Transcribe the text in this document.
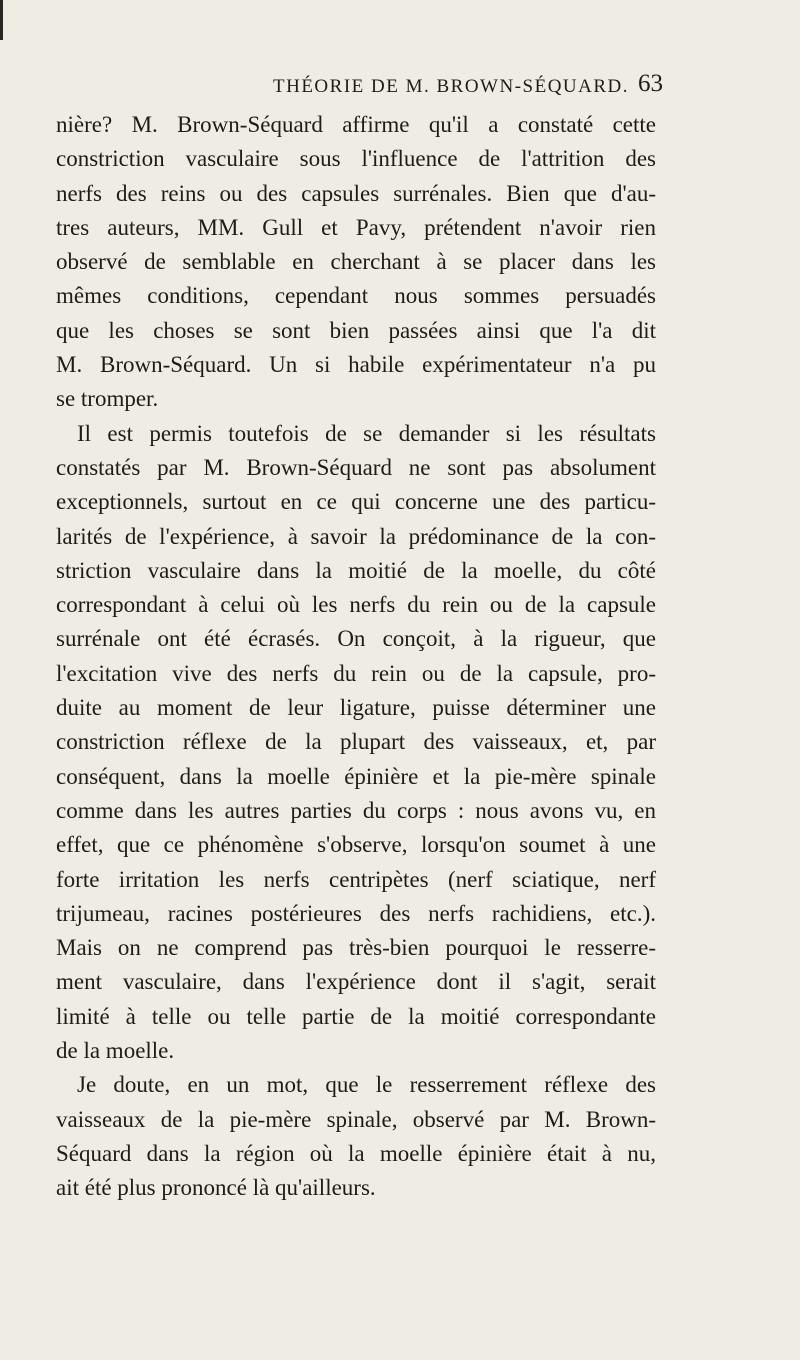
THÉORIE DE M. BROWN-SÉQUARD. 63
nière? M. Brown-Séquard affirme qu'il a constaté cette
constriction vasculaire sous l'influence de l'attrition des
nerfs des reins ou des capsules surrénales. Bien que d'au-
tres auteurs, MM. Gull et Pavy, prétendent n'avoir rien
observé de semblable en cherchant à se placer dans les
mêmes conditions, cependant nous sommes persuadés
que les choses se sont bien passées ainsi que l'a dit
M. Brown-Séquard. Un si habile expérimentateur n'a pu
se tromper.
Il est permis toutefois de se demander si les résultats
constatés par M. Brown-Séquard ne sont pas absolument
exceptionnels, surtout en ce qui concerne une des particu-
larités de l'expérience, à savoir la prédominance de la con-
striction vasculaire dans la moitié de la moelle, du côté
correspondant à celui où les nerfs du rein ou de la capsule
surrénale ont été écrasés. On conçoit, à la rigueur, que
l'excitation vive des nerfs du rein ou de la capsule, pro-
duite au moment de leur ligature, puisse déterminer une
constriction réflexe de la plupart des vaisseaux, et, par
conséquent, dans la moelle épinière et la pie-mère spinale
comme dans les autres parties du corps : nous avons vu, en
effet, que ce phénomène s'observe, lorsqu'on soumet à une
forte irritation les nerfs centripètes (nerf sciatique, nerf
trijumeau, racines postérieures des nerfs rachidiens, etc.).
Mais on ne comprend pas très-bien pourquoi le resserre-
ment vasculaire, dans l'expérience dont il s'agit, serait
limité à telle ou telle partie de la moitié correspondante
de la moelle.
Je doute, en un mot, que le resserrement réflexe des
vaisseaux de la pie-mère spinale, observé par M. Brown-
Séquard dans la région où la moelle épinière était à nu,
ait été plus prononcé là qu'ailleurs.
